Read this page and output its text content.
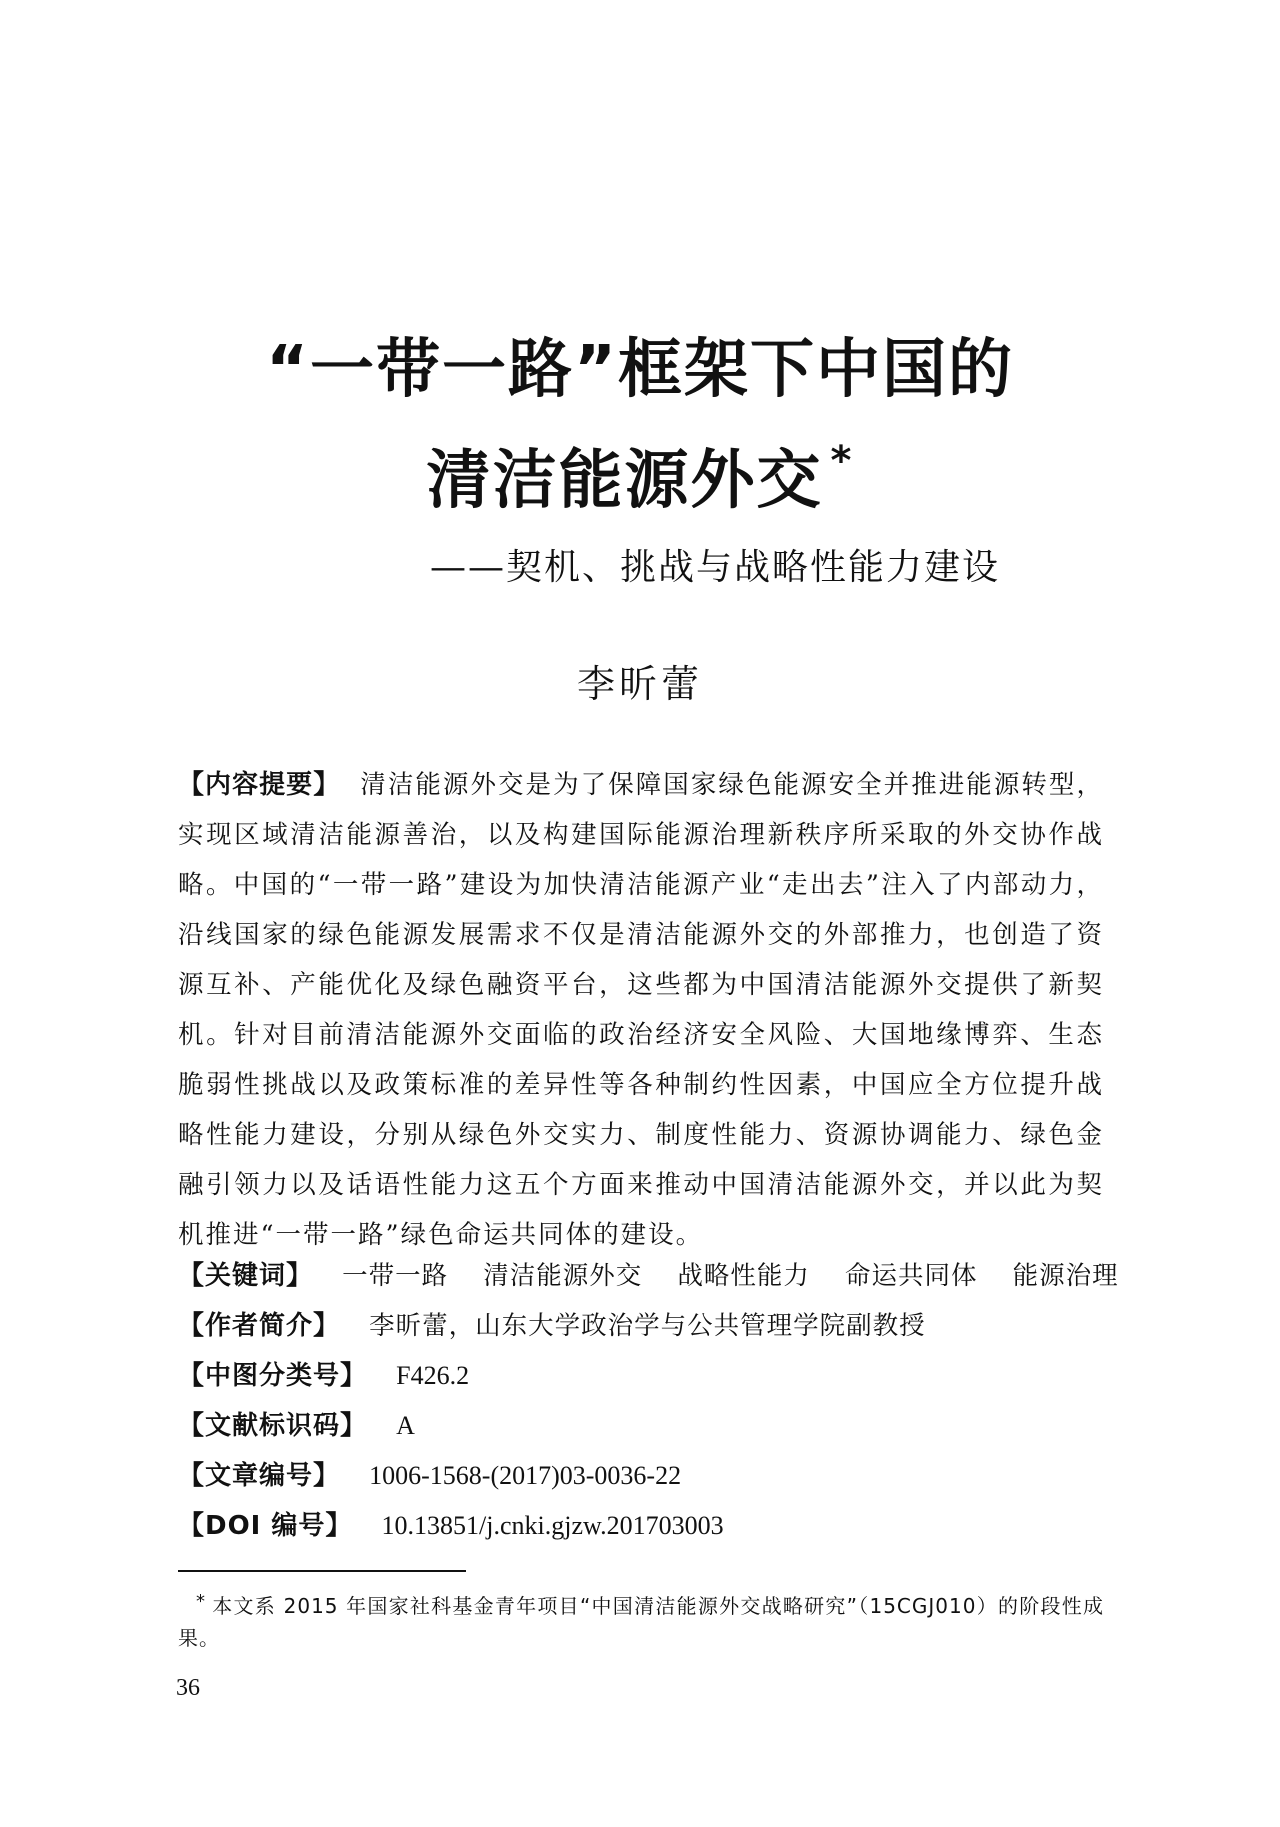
“一带一路”框架下中国的
清洁能源外交 *
——契机、挑战与战略性能力建设
李昕蕾
【内容提要】 清洁能源外交是为了保障国家绿色能源安全并推进能源转型，实现区域清洁能源善治，以及构建国际能源治理新秩序所采取的外交协作战略。中国的“一带一路”建设为加快清洁能源产业“走出去”注入了内部动力，沿线国家的绿色能源发展需求不仅是清洁能源外交的外部推力，也创造了资源互补、产能优化及绿色融资平台，这些都为中国清洁能源外交提供了新契机。针对目前清洁能源外交面临的政治经济安全风险、大国地缘博弈、生态脆弱性挑战以及政策标准的差异性等各种制约性因素，中国应全方位提升战略性能力建设，分别从绿色外交实力、制度性能力、资源协调能力、绿色金融引领力以及话语性能力这五个方面来推动中国清洁能源外交，并以此为契机推进“一带一路”绿色命运共同体的建设。
【关键词】 一带一路 清洁能源外交 战略性能力 命运共同体 能源治理
【作者简介】 李昕蕾，山东大学政治学与公共管理学院副教授
【中图分类号】 F426.2
【文献标识码】 A
【文章编号】 1006-1568-(2017)03-0036-22
【DOI 编号】 10.13851/j.cnki.gjzw.201703003
* 本文系 2015 年国家社科基金青年项目“中国清洁能源外交战略研究”（15CGJ010）的阶段性成果。
36
